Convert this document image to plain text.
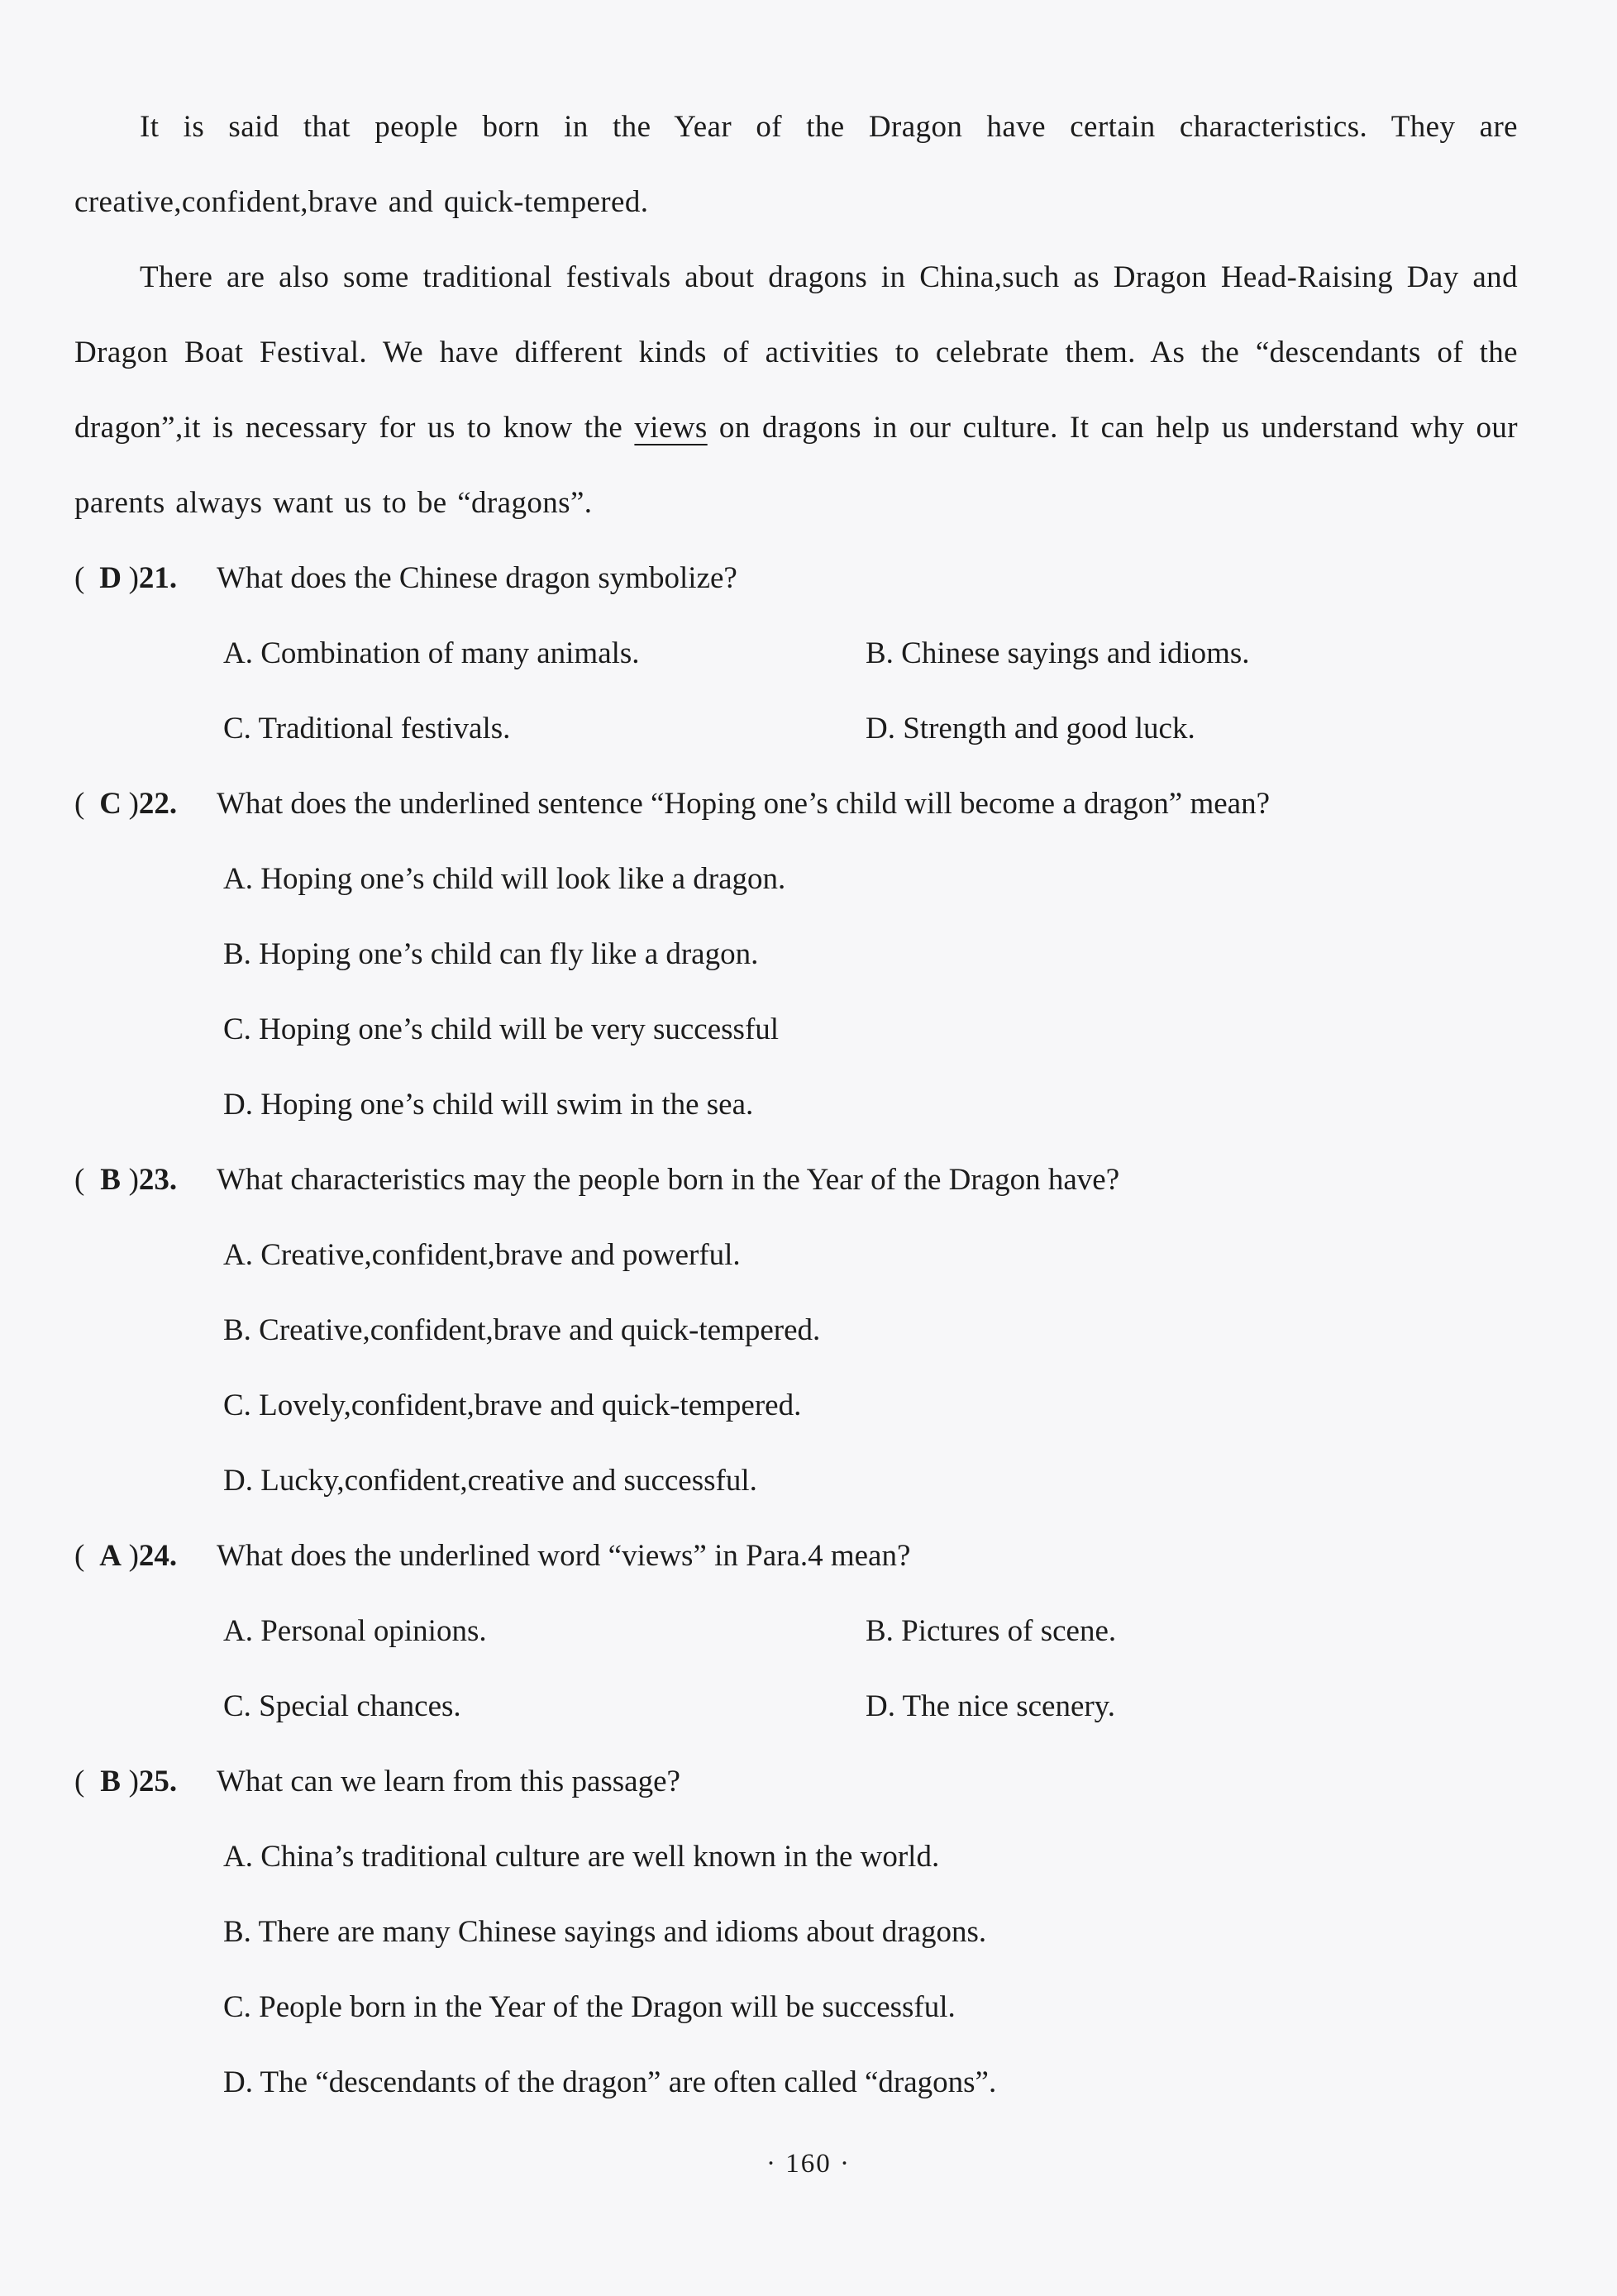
It is said that people born in the Year of the Dragon have certain characteristics. They are creative,confident,brave and quick-tempered.

There are also some traditional festivals about dragons in China,such as Dragon Head-Raising Day and Dragon Boat Festival. We have different kinds of activities to celebrate them. As the “descendants of the dragon”,it is necessary for us to know the views on dragons in our culture. It can help us understand why our parents always want us to be “dragons”.

( D )21. What does the Chinese dragon symbolize?
A. Combination of many animals.	B. Chinese sayings and idioms.
C. Traditional festivals.	D. Strength and good luck.
( C )22. What does the underlined sentence “Hoping one’s child will become a dragon” mean?
A. Hoping one’s child will look like a dragon.
B. Hoping one’s child can fly like a dragon.
C. Hoping one’s child will be very successful
D. Hoping one’s child will swim in the sea.
( B )23. What characteristics may the people born in the Year of the Dragon have?
A. Creative,confident,brave and powerful.
B. Creative,confident,brave and quick-tempered.
C. Lovely,confident,brave and quick-tempered.
D. Lucky,confident,creative and successful.
( A )24. What does the underlined word “views” in Para.4 mean?
A. Personal opinions.	B. Pictures of scene.
C. Special chances.	D. The nice scenery.
( B )25. What can we learn from this passage?
A. China’s traditional culture are well known in the world.
B. There are many Chinese sayings and idioms about dragons.
C. People born in the Year of the Dragon will be successful.
D. The “descendants of the dragon” are often called “dragons”.
· 160 ·
